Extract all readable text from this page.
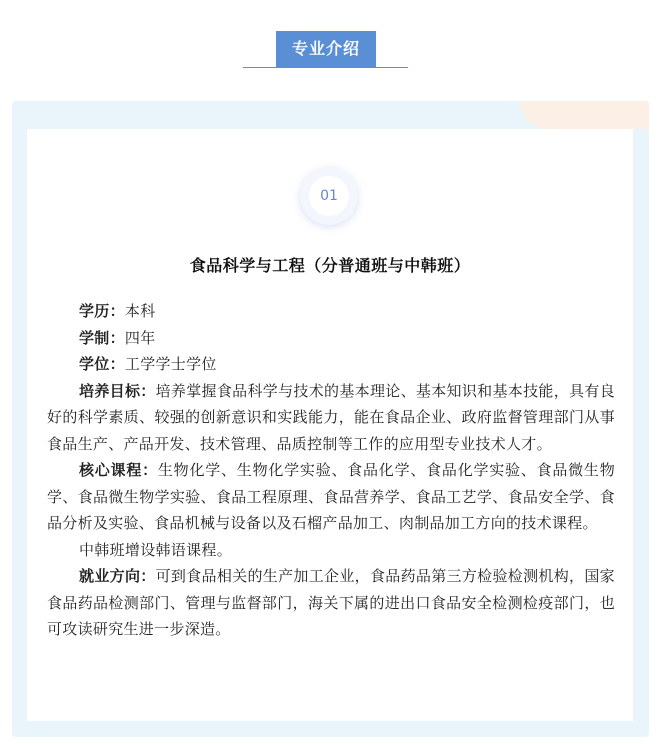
专业介绍
01
食品科学与工程（分普通班与中韩班）

学历：本科

学制：四年

学位：工学学士学位

培养目标：培养掌握食品科学与技术的基本理论、基本知识和基本技能，具有良好的科学素质、较强的创新意识和实践能力，能在食品企业、政府监督管理部门从事食品生产、产品开发、技术管理、品质控制等工作的应用型专业技术人才。

核心课程：生物化学、生物化学实验、食品化学、食品化学实验、食品微生物学、食品微生物学实验、食品工程原理、食品营养学、食品工艺学、食品安全学、食品分析及实验、食品机械与设备以及石榴产品加工、肉制品加工方向的技术课程。

中韩班增设韩语课程。

就业方向：可到食品相关的生产加工企业，食品药品第三方检验检测机构，国家食品药品检测部门、管理与监督部门，海关下属的进出口食品安全检测检疫部门，也可攻读研究生进一步深造。
